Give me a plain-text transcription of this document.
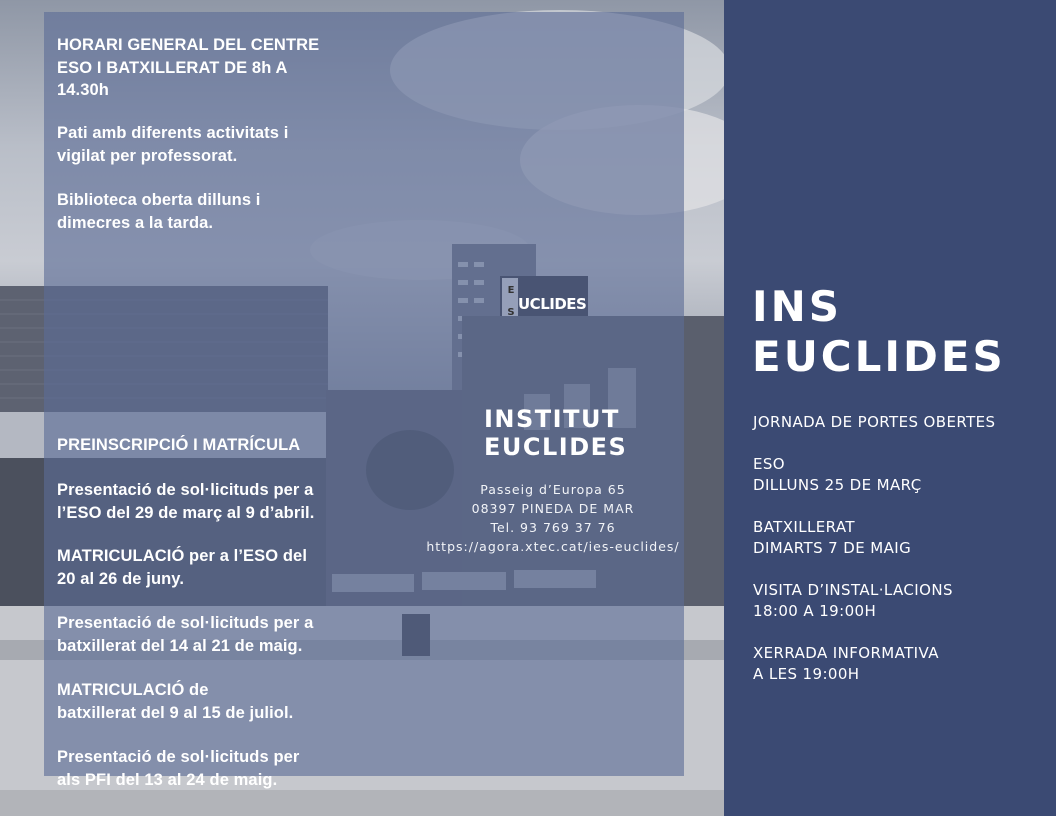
E
S UCLIDES

HORARI GENERAL DEL CENTRE

ESO I BATXILLERAT DE 8h A

14.30h

Pati amb diferents activitats i

vigilat per professorat.

Biblioteca oberta dilluns i

dimecres a la tarda.

PREINSCRIPCIÓ I MATRÍCULA

Presentació de sol·licituds per a

l’ESO del 29 de març al 9 d’abril.

MATRICULACIÓ per a l’ESO del

20 al 26 de juny.

Presentació de sol·licituds per a

batxillerat del 14 al 21 de maig.

MATRICULACIÓ de

batxillerat del 9 al 15 de juliol.

Presentació de sol·licituds per

als PFI del 13 al 24 de maig.

INSTITUT
EUCLIDES
Passeig d’Europa 65
08397 PINEDA DE MAR
Tel. 93 769 37 76
https://agora.xtec.cat/ies-euclides/
INS
EUCLIDES

JORNADA DE PORTES OBERTES

ESO
DILLUNS 25 DE MARÇ

BATXILLERAT
DIMARTS 7 DE MAIG

VISITA D’INSTAL·LACIONS
18:00 A 19:00H

XERRADA INFORMATIVA
A LES 19:00H
